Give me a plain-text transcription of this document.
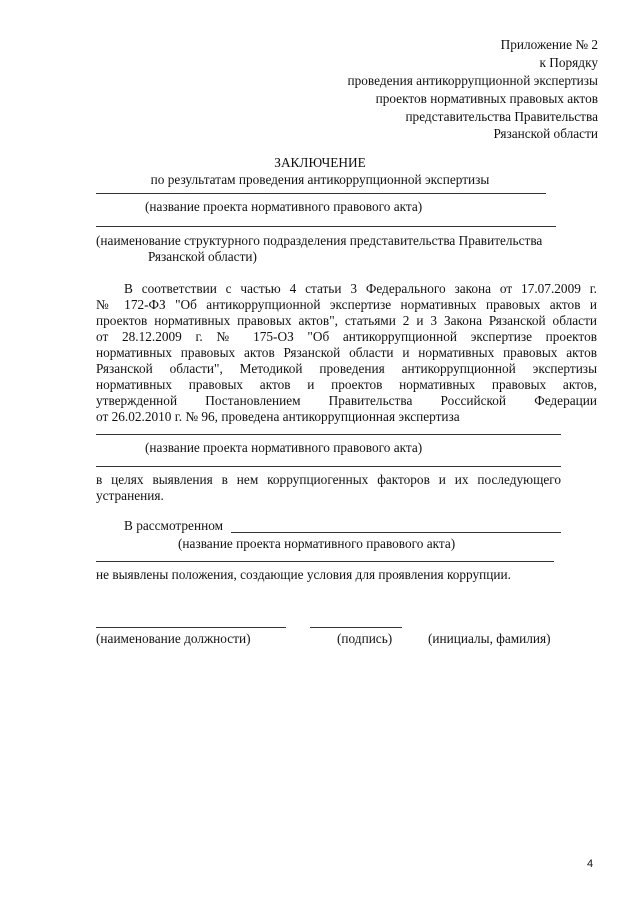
Приложение № 2
к Порядку
проведения антикоррупционной экспертизы
проектов нормативных правовых актов
представительства Правительства
Рязанской области
ЗАКЛЮЧЕНИЕ
по результатам проведения антикоррупционной экспертизы
(название проекта нормативного правового акта)
(наименование структурного подразделения представительства Правительства
Рязанской области)
В соответствии с частью 4 статьи 3 Федерального закона от 17.07.2009 г.
№ 172-ФЗ "Об антикоррупционной экспертизе нормативных правовых актов и
проектов нормативных правовых актов", статьями 2 и 3 Закона Рязанской области
от 28.12.2009 г. № 175-ОЗ "Об антикоррупционной экспертизе проектов
нормативных правовых актов Рязанской области и нормативных правовых актов
Рязанской области", Методикой проведения антикоррупционной экспертизы
нормативных правовых актов и проектов нормативных правовых актов,
утвержденной Постановлением Правительства Российской Федерации
от 26.02.2010 г. № 96, проведена антикоррупционная экспертиза
(название проекта нормативного правового акта)
в целях выявления в нем коррупциогенных факторов и их последующего
устранения.
В рассмотренном
(название проекта нормативного правового акта)
не выявлены положения, создающие условия для проявления коррупции.
(наименование должности)	(подпись)	(инициалы, фамилия)
4
